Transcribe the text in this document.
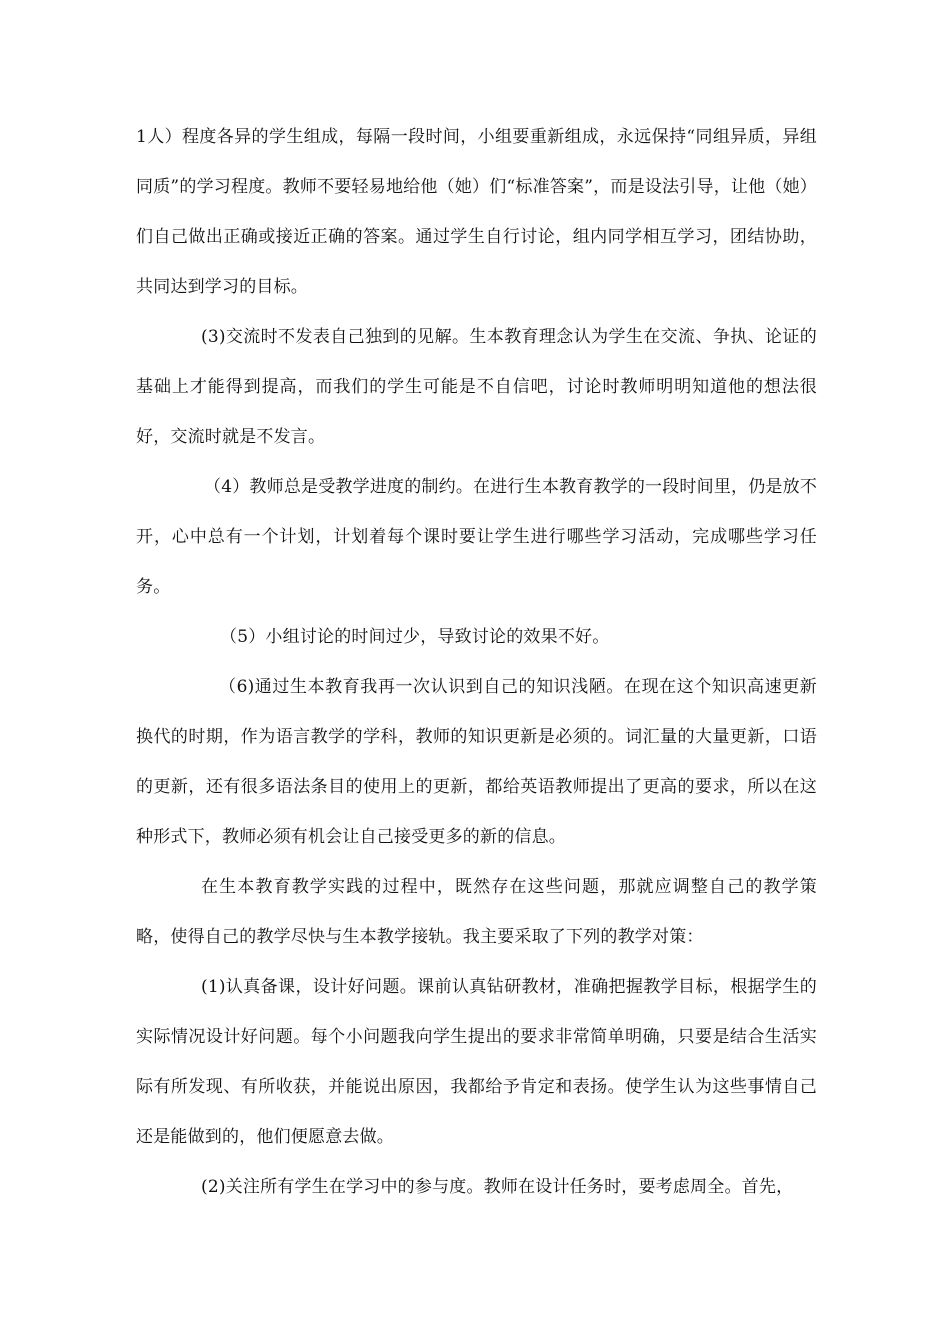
1人）程度各异的学生组成，每隔一段时间，小组要重新组成，永远保持“同组异质，异组同质”的学习程度。教师不要轻易地给他（她）们“标准答案”，而是设法引导，让他（她）们自己做出正确或接近正确的答案。通过学生自行讨论，组内同学相互学习，团结协助，共同达到学习的目标。

(3)交流时不发表自己独到的见解。生本教育理念认为学生在交流、争执、论证的基础上才能得到提高，而我们的学生可能是不自信吧，讨论时教师明明知道他的想法很好，交流时就是不发言。

（4）教师总是受教学进度的制约。在进行生本教育教学的一段时间里，仍是放不开，心中总有一个计划，计划着每个课时要让学生进行哪些学习活动，完成哪些学习任务。

（5）小组讨论的时间过少，导致讨论的效果不好。

（6)通过生本教育我再一次认识到自己的知识浅陋。在现在这个知识高速更新换代的时期，作为语言教学的学科，教师的知识更新是必须的。词汇量的大量更新，口语的更新，还有很多语法条目的使用上的更新，都给英语教师提出了更高的要求，所以在这种形式下，教师必须有机会让自己接受更多的新的信息。

在生本教育教学实践的过程中，既然存在这些问题，那就应调整自己的教学策略，使得自己的教学尽快与生本教学接轨。我主要采取了下列的教学对策：

(1)认真备课，设计好问题。课前认真钻研教材，准确把握教学目标，根据学生的实际情况设计好问题。每个小问题我向学生提出的要求非常简单明确，只要是结合生活实际有所发现、有所收获，并能说出原因，我都给予肯定和表扬。使学生认为这些事情自己还是能做到的，他们便愿意去做。

(2)关注所有学生在学习中的参与度。教师在设计任务时，要考虑周全。首先，
